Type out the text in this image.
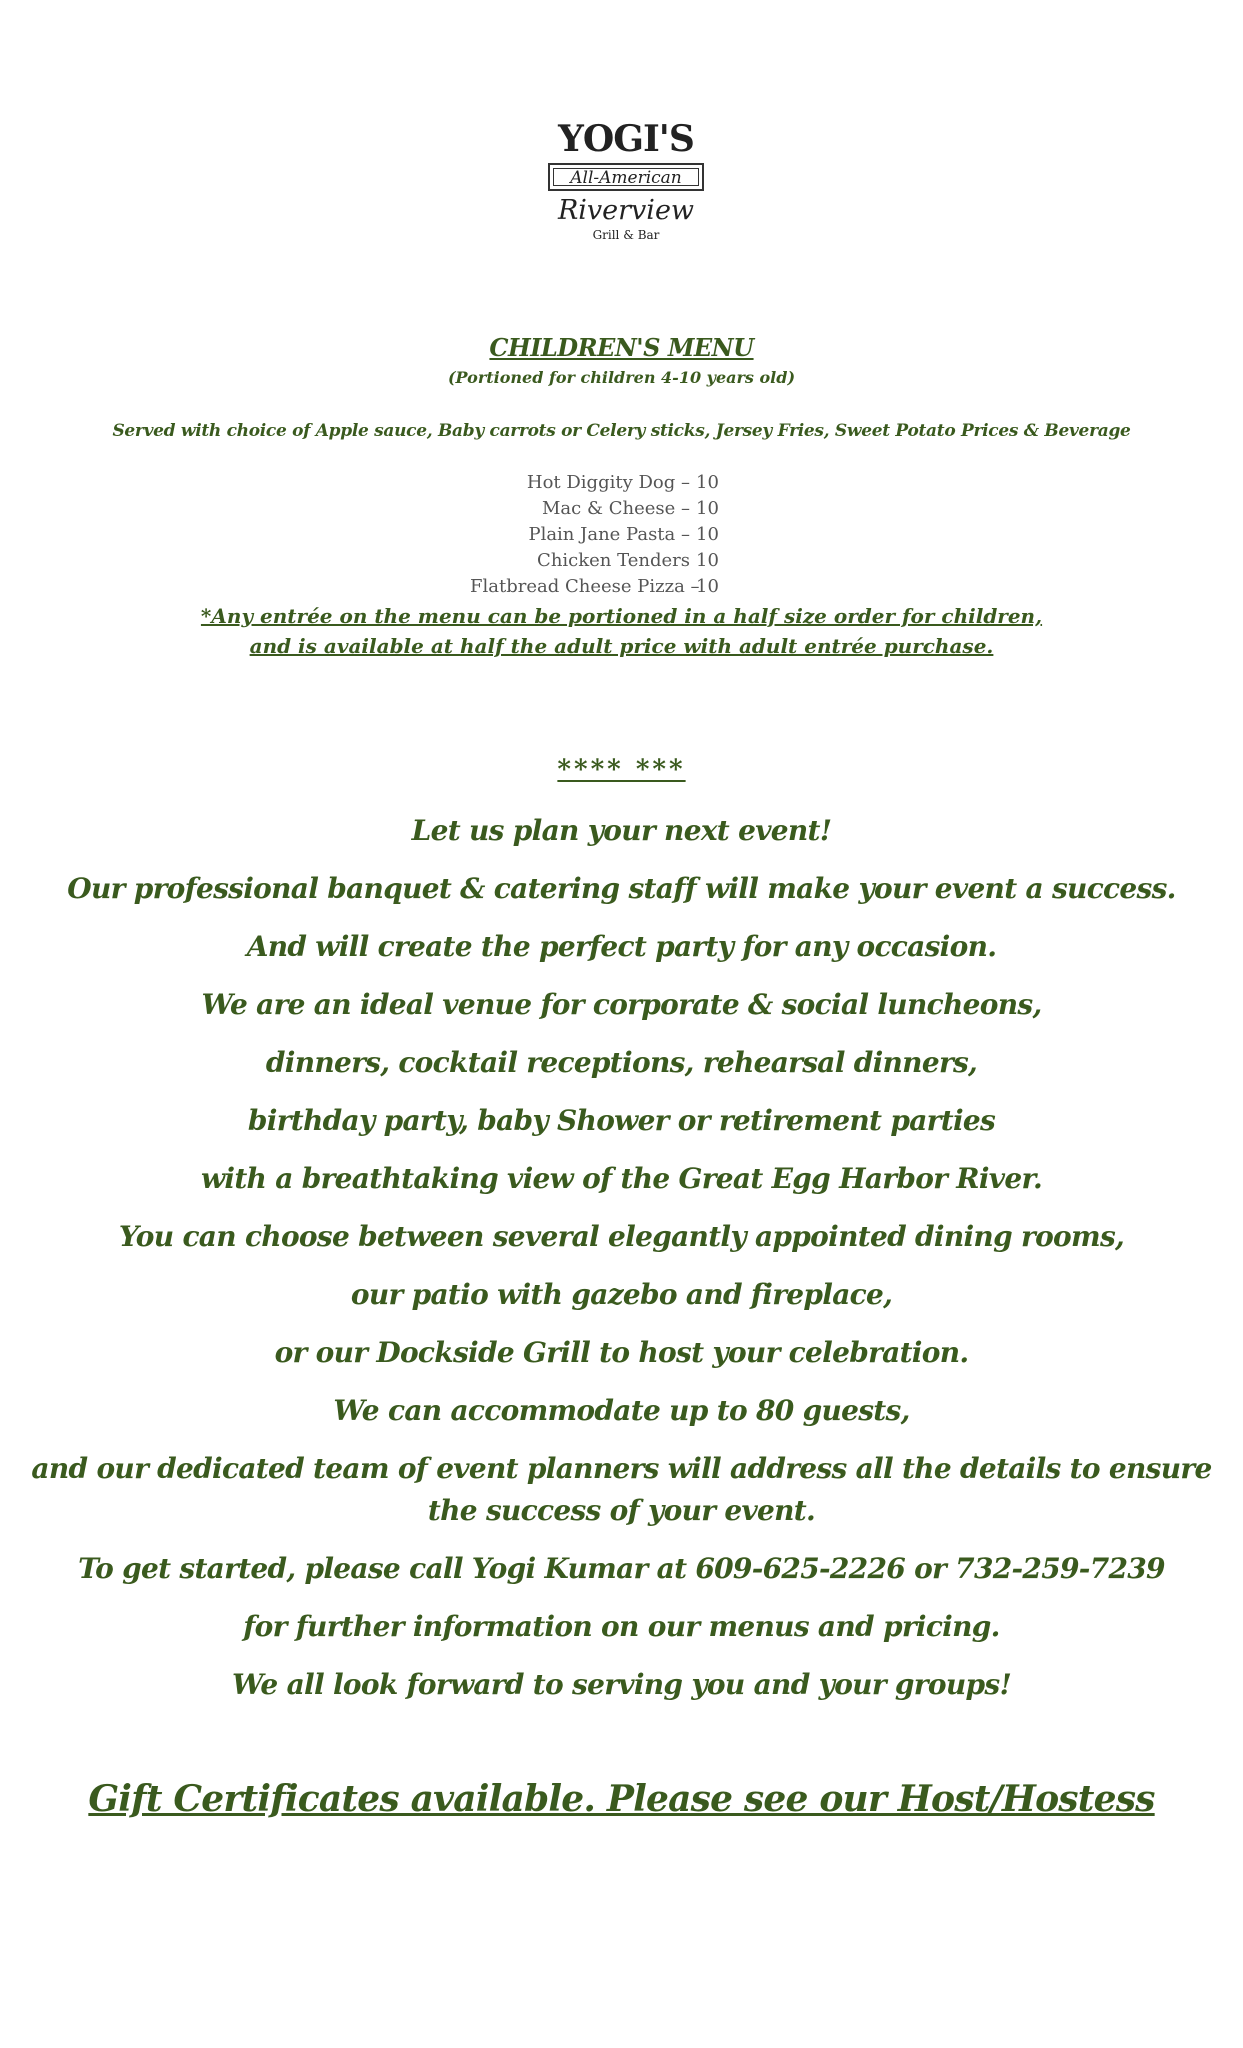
YOGI'S
All-American
Riverview
Grill & Bar
CHILDREN'S MENU
(Portioned for children 4-10 years old)
Served with choice of Apple sauce, Baby carrots or Celery sticks, Jersey Fries, Sweet Potato Prices & Beverage
Hot Diggity Dog – 10
Mac & Cheese – 10
Plain Jane Pasta – 10
Chicken Tenders 10
Flatbread Cheese Pizza –10
*Any entrée on the menu can be portioned in a half size order for children,
and is available at half the adult price with adult entrée purchase.
**** ***
Let us plan your next event!
Our professional banquet & catering staff will make your event a success.
And will create the perfect party for any occasion.
We are an ideal venue for corporate & social luncheons,
dinners, cocktail receptions, rehearsal dinners,
birthday party, baby Shower or retirement parties
with a breathtaking view of the Great Egg Harbor River.
You can choose between several elegantly appointed dining rooms,
our patio with gazebo and fireplace,
or our Dockside Grill to host your celebration.
We can accommodate up to 80 guests,
and our dedicated team of event planners will address all the details to ensure
the success of your event.
To get started, please call Yogi Kumar at 609-625-2226 or 732-259-7239
for further information on our menus and pricing.
We all look forward to serving you and your groups!
Gift Certificates available. Please see our Host/Hostess
